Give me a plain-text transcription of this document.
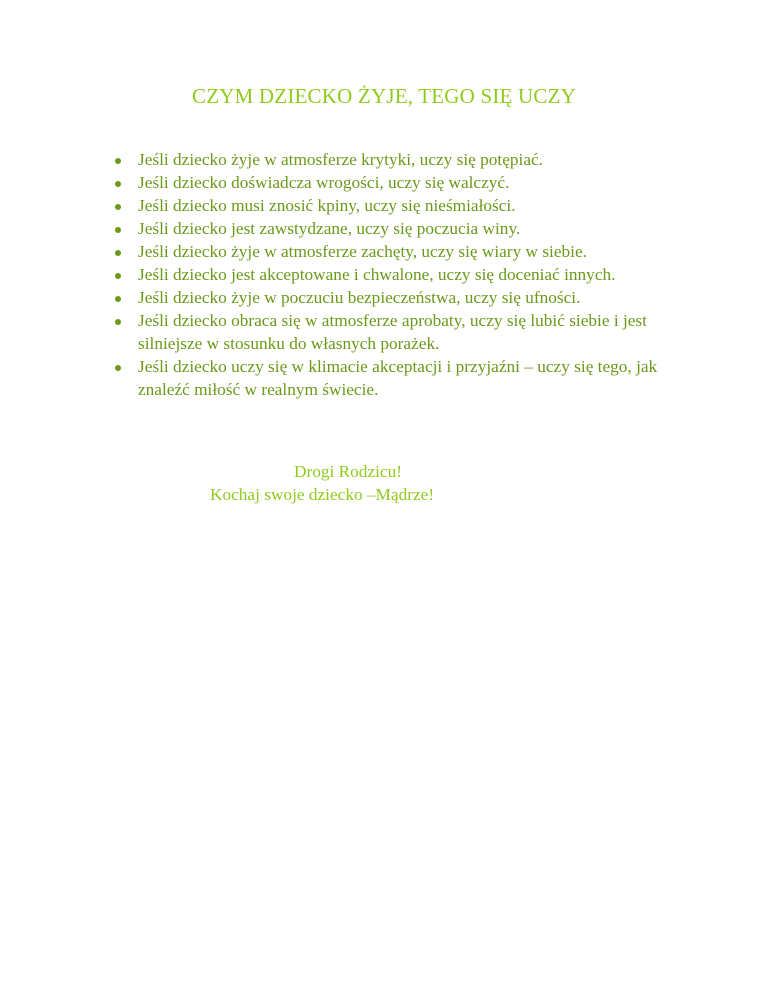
CZYM DZIECKO ŻYJE, TEGO SIĘ UCZY
Jeśli dziecko żyje w atmosferze krytyki, uczy się potępiać.
Jeśli dziecko doświadcza wrogości, uczy się walczyć.
Jeśli dziecko musi znosić kpiny, uczy się nieśmiałości.
Jeśli dziecko jest zawstydzane, uczy się poczucia winy.
Jeśli dziecko żyje w atmosferze zachęty, uczy się wiary w siebie.
Jeśli dziecko jest akceptowane i chwalone, uczy się doceniać innych.
Jeśli dziecko żyje w poczuciu bezpieczeństwa, uczy się ufności.
Jeśli dziecko obraca się w atmosferze aprobaty, uczy się lubić siebie i jest silniejsze w stosunku do własnych porażek.
Jeśli dziecko uczy się w klimacie akceptacji i przyjaźni – uczy się tego, jak znaleźć miłość w realnym świecie.
Drogi Rodzicu!
Kochaj swoje dziecko –Mądrze!
